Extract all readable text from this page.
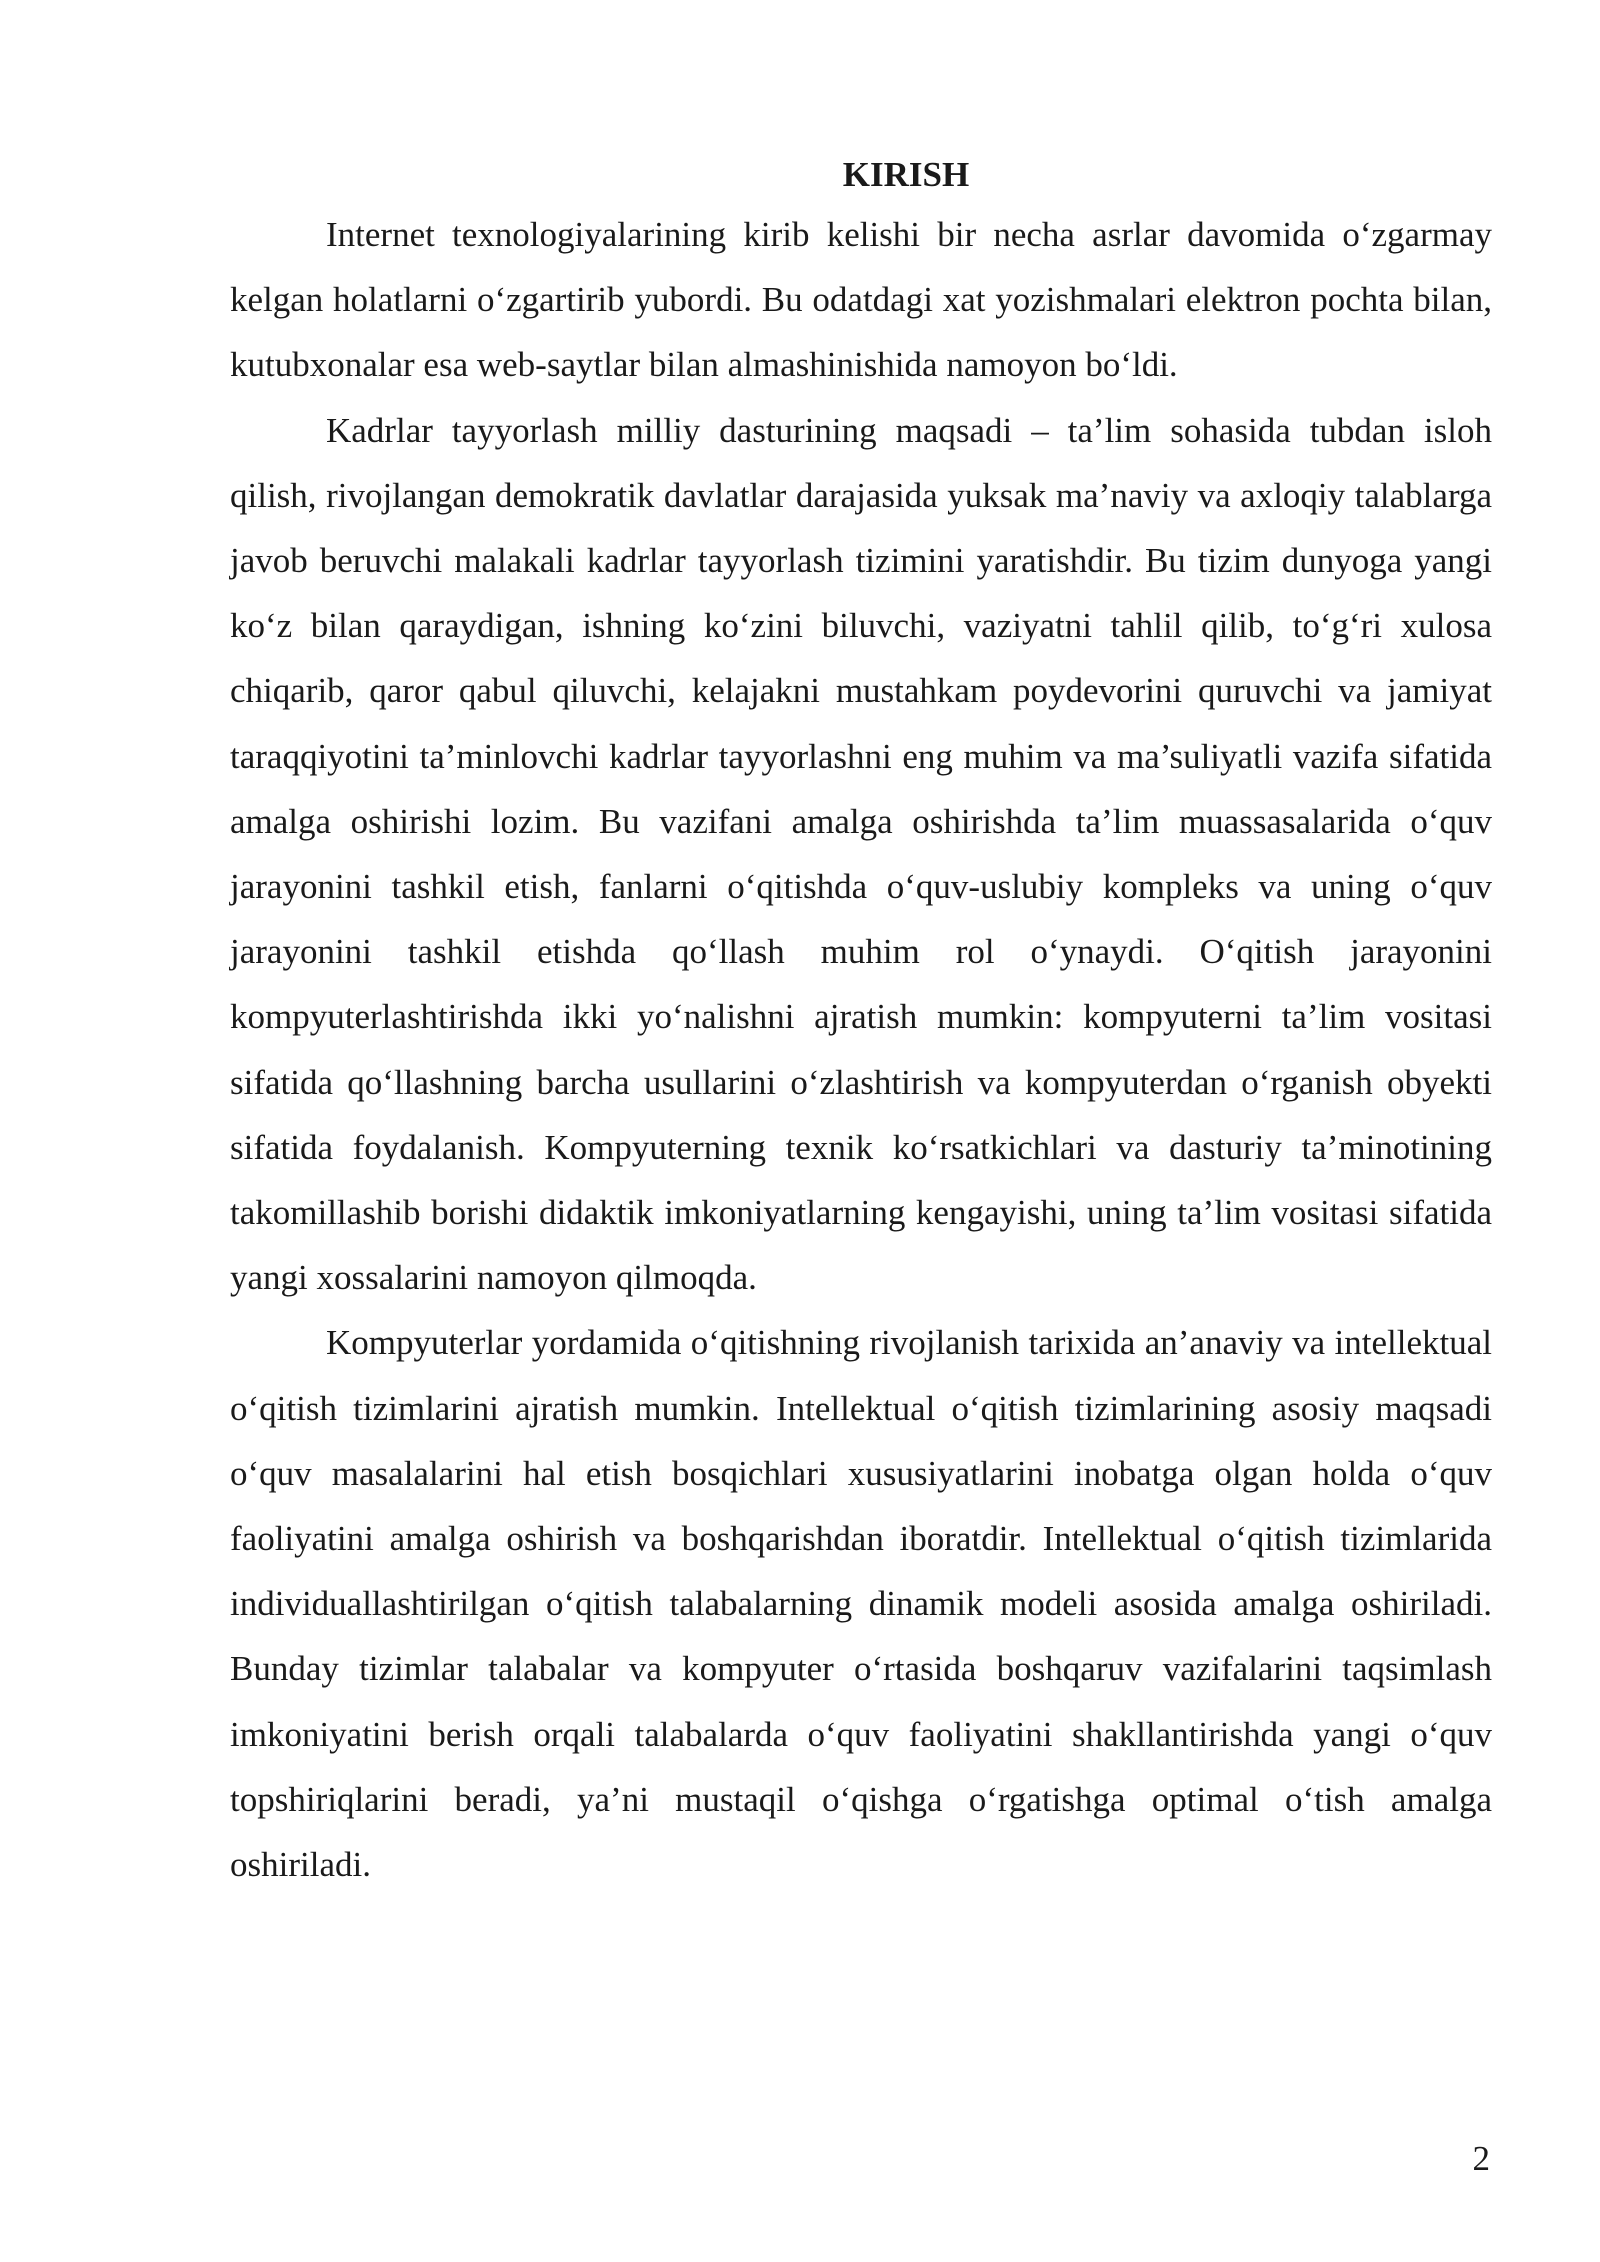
KIRISH

Internet texnologiyalarining kirib kelishi bir necha asrlar davomida oʻzgarmay kelgan holatlarni oʻzgartirib yubordi. Bu odatdagi xat yozishmalari elektron pochta bilan, kutubxonalar esa web-saytlar bilan almashinishida namoyon boʻldi.

Kadrlar tayyorlash milliy dasturining maqsadi – ta’lim sohasida tubdan isloh qilish, rivojlangan demokratik davlatlar darajasida yuksak ma’naviy va axloqiy talablarga javob beruvchi malakali kadrlar tayyorlash tizimini yaratishdir. Bu tizim dunyoga yangi koʻz bilan qaraydigan, ishning koʻzini biluvchi, vaziyatni tahlil qilib, toʻgʻri xulosa chiqarib, qaror qabul qiluvchi, kelajakni mustahkam poydevorini quruvchi va jamiyat taraqqiyotini ta’minlovchi kadrlar tayyorlashni eng muhim va ma’suliyatli vazifa sifatida amalga oshirishi lozim. Bu vazifani amalga oshirishda ta’lim muassasalarida oʻquv jarayonini tashkil etish, fanlarni oʻqitishda oʻquv-uslubiy kompleks va uning oʻquv jarayonini tashkil etishda qoʻllash muhim rol oʻynaydi. Oʻqitish jarayonini kompyuterlashtirishda ikki yoʻnalishni ajratish mumkin: kompyuterni ta’lim vositasi sifatida qoʻllashning barcha usullarini oʻzlashtirish va kompyuterdan oʻrganish obyekti sifatida foydalanish. Kompyuterning texnik koʻrsatkichlari va dasturiy ta’minotining takomillashib borishi didaktik imkoniyatlarning kengayishi, uning ta’lim vositasi sifatida yangi xossalarini namoyon qilmoqda.

Kompyuterlar yordamida oʻqitishning rivojlanish tarixida an’anaviy va intellektual oʻqitish tizimlarini ajratish mumkin. Intellektual oʻqitish tizimlarining asosiy maqsadi oʻquv masalalarini hal etish bosqichlari xususiyatlarini inobatga olgan holda oʻquv faoliyatini amalga oshirish va boshqarishdan iboratdir. Intellektual oʻqitish tizimlarida individuallashtirilgan oʻqitish talabalarning dinamik modeli asosida amalga oshiriladi. Bunday tizimlar talabalar va kompyuter oʻrtasida boshqaruv vazifalarini taqsimlash imkoniyatini berish orqali talabalarda oʻquv faoliyatini shakllantirishda yangi oʻquv topshiriqlarini beradi, ya’ni mustaqil oʻqishga oʻrgatishga optimal oʻtish amalga oshiriladi.

2
